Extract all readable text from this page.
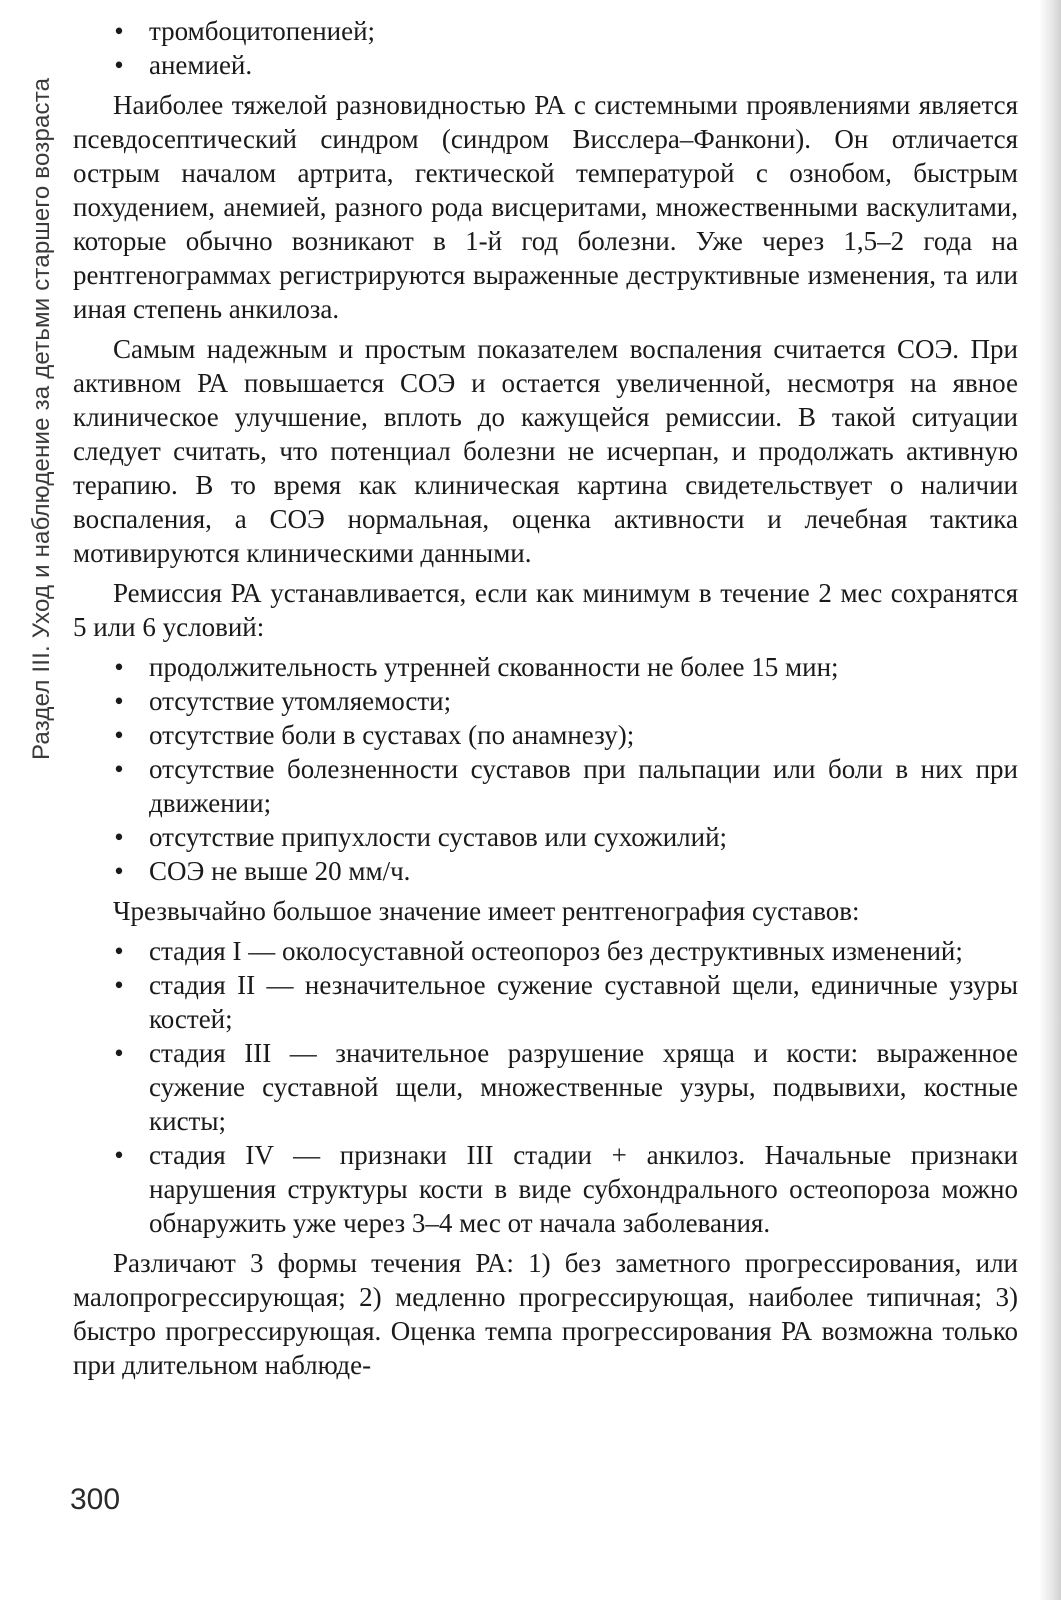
Раздел III. Уход и наблюдение за детьми старшего возраста
• тромбоцитопенией;
• анемией.

Наиболее тяжелой разновидностью РА с системными проявлениями является псевдосептический синдром (синдром Висслера–Фанкони). Он отличается острым началом артрита, гектической температурой с ознобом, быстрым похудением, анемией, разного рода висцеритами, множественными васкулитами, которые обычно возникают в 1-й год болезни. Уже через 1,5–2 года на рентгенограммах регистрируются выраженные деструктивные изменения, та или иная степень анкилоза.

Самым надежным и простым показателем воспаления считается СОЭ. При активном РА повышается СОЭ и остается увеличенной, несмотря на явное клиническое улучшение, вплоть до кажущейся ремиссии. В такой ситуации следует считать, что потенциал болезни не исчерпан, и продолжать активную терапию. В то время как клиническая картина свидетельствует о наличии воспаления, а СОЭ нормальная, оценка активности и лечебная тактика мотивируются клиническими данными.

Ремиссия РА устанавливается, если как минимум в течение 2 мес сохранятся 5 или 6 условий:

• продолжительность утренней скованности не более 15 мин;
• отсутствие утомляемости;
• отсутствие боли в суставах (по анамнезу);
• отсутствие болезненности суставов при пальпации или боли в них при движении;
• отсутствие припухлости суставов или сухожилий;
• СОЭ не выше 20 мм/ч.

Чрезвычайно большое значение имеет рентгенография суставов:

• стадия I — околосуставной остеопороз без деструктивных изменений;
• стадия II — незначительное сужение суставной щели, единичные узуры костей;
• стадия III — значительное разрушение хряща и кости: выраженное сужение суставной щели, множественные узуры, подвывихи, костные кисты;
• стадия IV — признаки III стадии + анкилоз. Начальные признаки нарушения структуры кости в виде субхондрального остеопороза можно обнаружить уже через 3–4 мес от начала заболевания.

Различают 3 формы течения РА: 1) без заметного прогрессирования, или малопрогрессирующая; 2) медленно прогрессирующая, наиболее типичная; 3) быстро прогрессирующая. Оценка темпа прогрессирования РА возможна только при длительном наблюде-

300
